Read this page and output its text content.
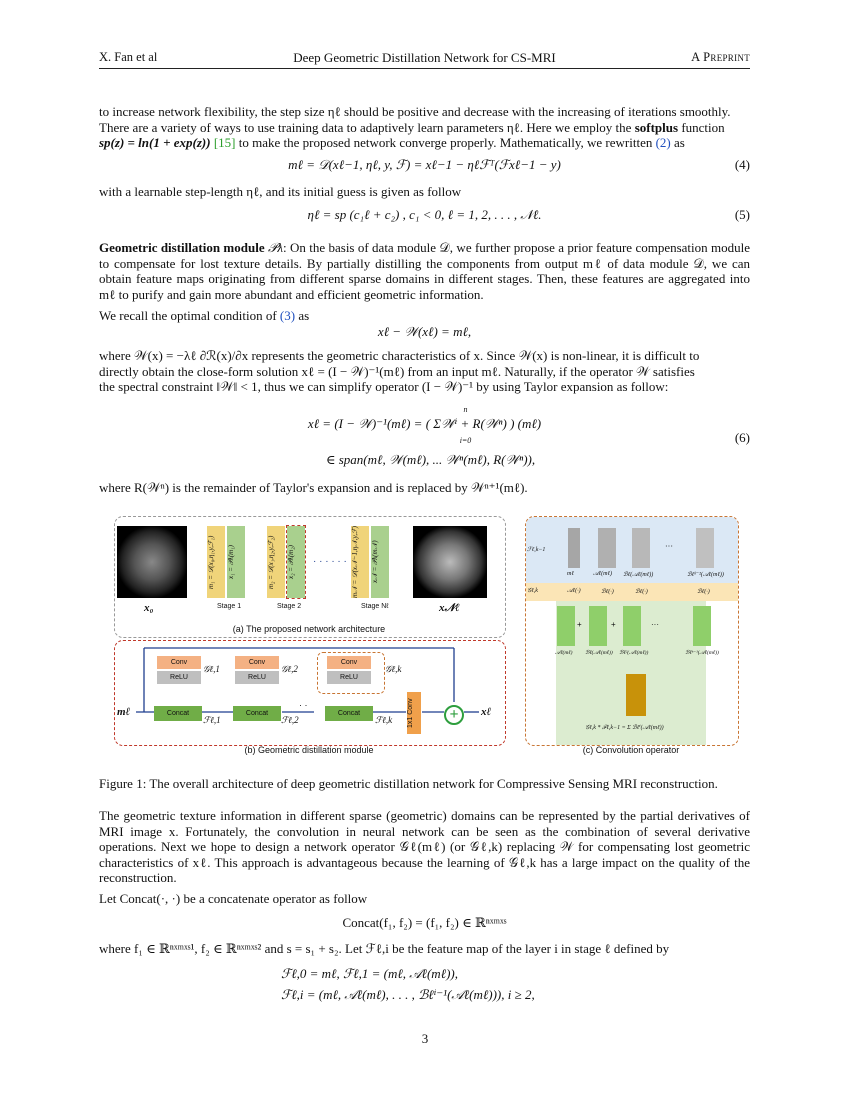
X. Fan et al	Deep Geometric Distillation Network for CS-MRI	A Preprint
to increase network flexibility, the step size ηℓ should be positive and decrease with the increasing of iterations smoothly.
There are a variety of ways to use training data to adaptively learn parameters ηℓ. Here we employ the softplus function
sp(z) = ln(1 + exp(z)) [15] to make the proposed network converge properly. Mathematically, we rewritten (2) as
mℓ = 𝒟(xℓ−1, ηℓ, y, ℱ) = xℓ−1 − ηℓℱᵀ(ℱxℓ−1 − y)	(4)
with a learnable step-length ηℓ, and its initial guess is given as follow
ηℓ = sp (c₁ℓ + c₂) , c₁ < 0, ℓ = 1, 2, . . . , 𝒩ℓ.	(5)
Geometric distillation module 𝒫λ: On the basis of data module 𝒟, we further propose a prior feature compensation module to compensate for lost texture details. By partially distilling the components from output mℓ of data module 𝒟, we can obtain feature maps originating from different sparse domains in different stages. Then, these features are aggregated into mℓ to purify and gain more abundant and efficient geometric information.
We recall the optimal condition of (3) as
xℓ − 𝒲(xℓ) = mℓ,
where 𝒲(x) = −λℓ ∂ℛ(x)/∂x represents the geometric characteristics of x. Since 𝒲(x) is non-linear, it is difficult to
directly obtain the close-form solution xℓ = (I − 𝒲)⁻¹(mℓ) from an input mℓ. Naturally, if the operator 𝒲 satisfies
the spectral constraint ‖𝒲‖ < 1, thus we can simplify operator (I − 𝒲)⁻¹ by using Taylor expansion as follow:
xℓ = (I − 𝒲)⁻¹(mℓ) = ( Σ𝒲ⁱ + R(𝒲ⁿ) ) (mℓ)
n
i=0
∈ span(mℓ, 𝒲(mℓ), ... 𝒲ⁿ(mℓ), R(𝒲ⁿ)),
(6)
where R(𝒲ⁿ) is the remainder of Taylor's expansion and is replaced by 𝒲ⁿ⁺¹(mℓ).
x₀
m₁ = 𝒟(x₀,η₁,y,ℱ₁)	x₁ = 𝒫λ(m₁)
Stage 1
m₂ = 𝒟(x₁,η₂,y,ℱ₂)	x₂ = 𝒫λ(m₂)
Stage 2
· · · · · · m𝒩 = 𝒟(x𝒩−1,η𝒩,y,ℱ)	x𝒩 = 𝒫λ(m𝒩)
Stage Nℓ	x𝒩ℓ
(a) The proposed network architecture
Conv
ReLU
Concat
Conv
ReLU
Concat
Conv
ReLU
Concat	1x1 Conv	+
mℓ	xℓ
𝒢ℓ,1	𝒢ℓ,2	𝒢ℓ,k
ℱℓ,1	ℱℓ,2	ℱℓ,k
· ·
(b) Geometric distillation module
ℱℓ,k−1
𝒢ℓ,k
···
mℓ	𝒜ℓ(mℓ) ℬℓ(𝒜ℓ(mℓ))	ℬℓᵏ⁻²(𝒜ℓ(mℓ))
𝒜ℓ(·)	ℬℓ(·)	ℬℓ(·)	ℬℓ(·)
+	+	···
𝒜ℓ(mℓ) ℬℓ(𝒜ℓ(mℓ)) ℬℓ²(𝒜ℓ(mℓ))	ℬℓᵏ⁻¹(𝒜ℓ(mℓ))
𝒢ℓ,k * ℱℓ,k−1 = Σ ℬℓⁱ(𝒜ℓ(mℓ))
(c) Convolution operator
Figure 1: The overall architecture of deep geometric distillation network for Compressive Sensing MRI reconstruction.
The geometric texture information in different sparse (geometric) domains can be represented by the partial derivatives of MRI image x. Fortunately, the convolution in neural network can be seen as the combination of several derivative operations. Next we hope to design a network operator 𝒢ℓ(mℓ) (or 𝒢ℓ,k) replacing 𝒲 for compensating lost geometric characteristics of xℓ. This approach is advantageous because the learning of 𝒢ℓ,k has a large impact on the quality of the reconstruction.
Let Concat(·, ·) be a concatenate operator as follow
Concat(f₁, f₂) = (f₁, f₂) ∈ ℝⁿˣᵐˣˢ
where f₁ ∈ ℝⁿˣᵐˣˢ¹, f₂ ∈ ℝⁿˣᵐˣˢ² and s = s₁ + s₂. Let ℱℓ,i be the feature map of the layer i in stage ℓ defined by
ℱℓ,0 = mℓ, ℱℓ,1 = (mℓ, 𝒜ℓ(mℓ)),
ℱℓ,i = (mℓ, 𝒜ℓ(mℓ), . . . , ℬℓⁱ⁻¹(𝒜ℓ(mℓ))), i ≥ 2,
3
